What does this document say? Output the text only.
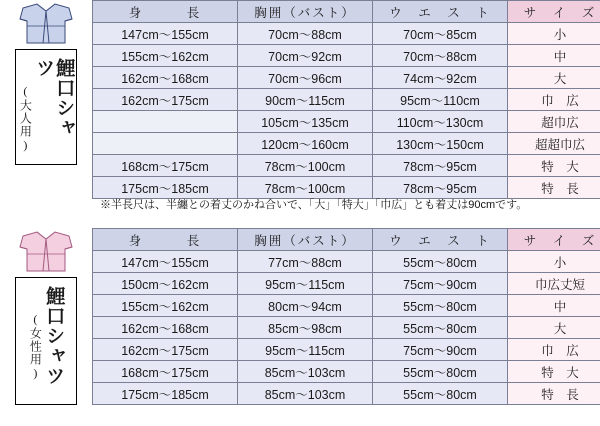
鯉口シャツ
(大人用)
身　　　長	胸囲（バスト）	ウ　エ　ス　ト	サ　イ　ズ
147cm〜155cm	70cm〜88cm	70cm〜85cm	小
155cm〜162cm	70cm〜92cm	70cm〜88cm	中
162cm〜168cm	70cm〜96cm	74cm〜92cm	大
162cm〜175cm	90cm〜115cm	95cm〜110cm	巾　広
	105cm〜135cm	110cm〜130cm	超巾広
	120cm〜160cm	130cm〜150cm	超超巾広
168cm〜175cm	78cm〜100cm	78cm〜95cm	特　大
175cm〜185cm	78cm〜100cm	78cm〜95cm	特　長
※半長尺は、半纏との着丈のかね合いで、「大」「特大」「巾広」とも着丈は90cmです。
鯉口シャツ
(女性用)
身　　　長	胸囲（バスト）	ウ　エ　ス　ト	サ　イ　ズ
147cm〜155cm	77cm〜88cm	55cm〜80cm	小
150cm〜162cm	95cm〜115cm	75cm〜90cm	巾広丈短
155cm〜162cm	80cm〜94cm	55cm〜80cm	中
162cm〜168cm	85cm〜98cm	55cm〜80cm	大
162cm〜175cm	95cm〜115cm	75cm〜90cm	巾　広
168cm〜175cm	85cm〜103cm	55cm〜80cm	特　大
175cm〜185cm	85cm〜103cm	55cm〜80cm	特　長
